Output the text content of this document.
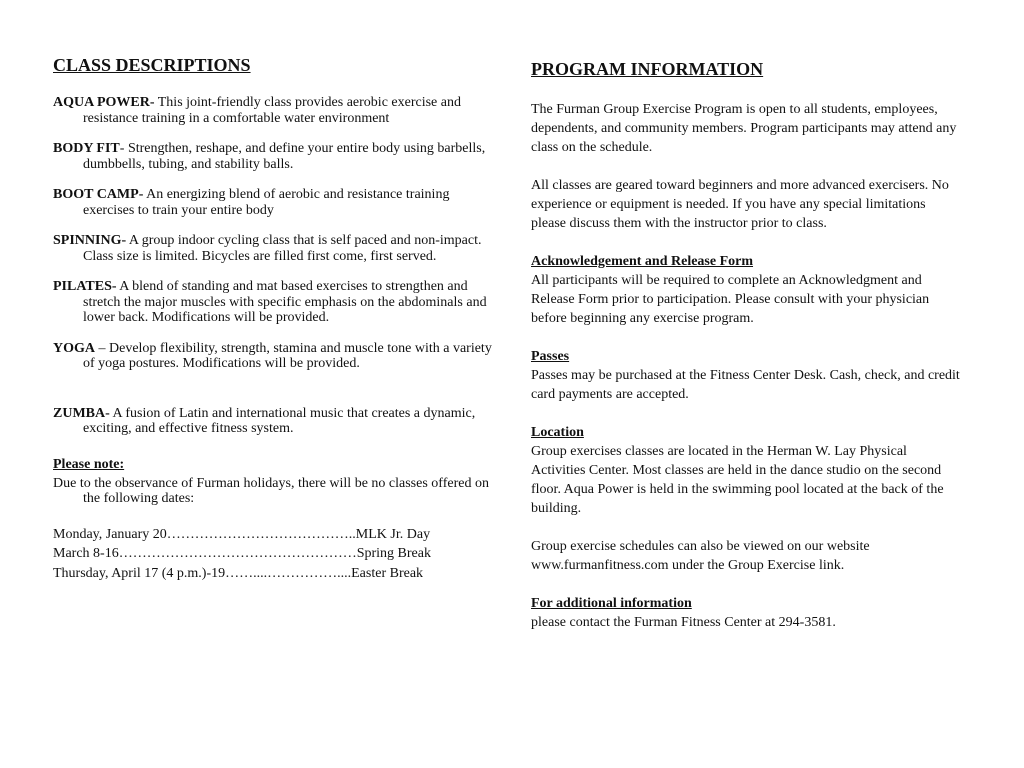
CLASS DESCRIPTIONS
AQUA POWER- This joint-friendly class provides aerobic exercise and resistance training in a comfortable water environment
BODY FIT- Strengthen, reshape, and define your entire body using barbells, dumbbells, tubing, and stability balls.
BOOT CAMP- An energizing blend of aerobic and resistance training exercises to train your entire body
SPINNING- A group indoor cycling class that is self paced and non-impact. Class size is limited. Bicycles are filled first come, first served.
PILATES- A blend of standing and mat based exercises to strengthen and stretch the major muscles with specific emphasis on the abdominals and lower back. Modifications will be provided.
YOGA – Develop flexibility, strength, stamina and muscle tone with a variety of yoga postures. Modifications will be provided.
ZUMBA- A fusion of Latin and international music that creates a dynamic, exciting, and effective fitness system.
Please note:
Due to the observance of Furman holidays, there will be no classes offered on the following dates:
Monday, January 20…………………………………..MLK Jr. Day
March 8-16……………………………………………Spring Break
Thursday, April 17 (4 p.m.)-19……....……………....Easter Break
PROGRAM INFORMATION
The Furman Group Exercise Program is open to all students, employees, dependents, and community members. Program participants may attend any class on the schedule.
All classes are geared toward beginners and more advanced exercisers. No experience or equipment is needed. If you have any special limitations please discuss them with the instructor prior to class.
Acknowledgement and Release Form
All participants will be required to complete an Acknowledgment and Release Form prior to participation. Please consult with your physician before beginning any exercise program.
Passes
Passes may be purchased at the Fitness Center Desk. Cash, check, and credit card payments are accepted.
Location
Group exercises classes are located in the Herman W. Lay Physical Activities Center. Most classes are held in the dance studio on the second floor. Aqua Power is held in the swimming pool located at the back of the building.
Group exercise schedules can also be viewed on our website www.furmanfitness.com under the Group Exercise link.
For additional information
please contact the Furman Fitness Center at 294-3581.
